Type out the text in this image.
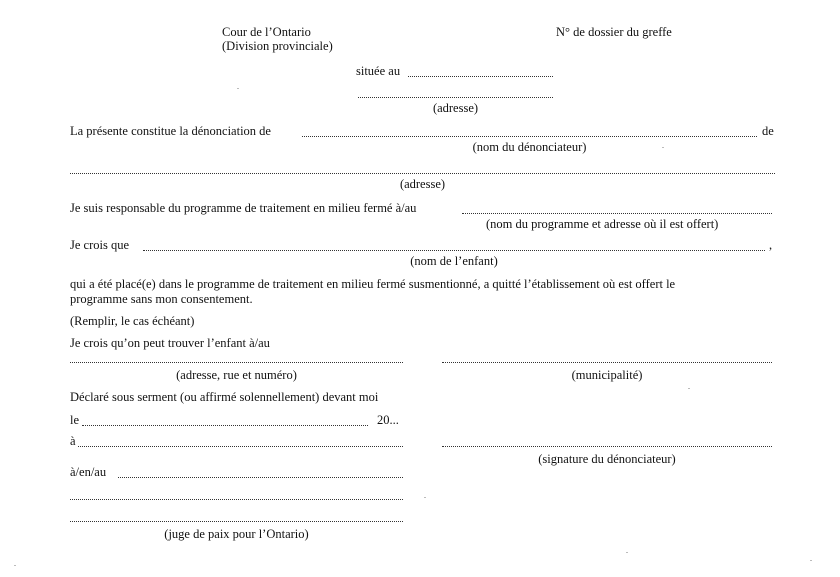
Cour de l’Ontario
(Division provinciale)
N° de dossier du greffe
située au
(adresse)
La présente constitue la dénonciation de	de
(nom du dénonciateur)
(adresse)
Je suis responsable du programme de traitement en milieu fermé à/au
(nom du programme et adresse où il est offert)
Je crois que	,
(nom de l’enfant)
qui a été placé(e) dans le programme de traitement en milieu fermé susmentionné, a quitté l’établissement où est offert le
programme sans mon consentement.
(Remplir, le cas échéant)
Je crois qu’on peut trouver l’enfant à/au
(adresse, rue et numéro)	(municipalité)
Déclaré sous serment (ou affirmé solennellement) devant moi
le	20...
à
(signature du dénonciateur)
à/en/au
(juge de paix pour l’Ontario)
